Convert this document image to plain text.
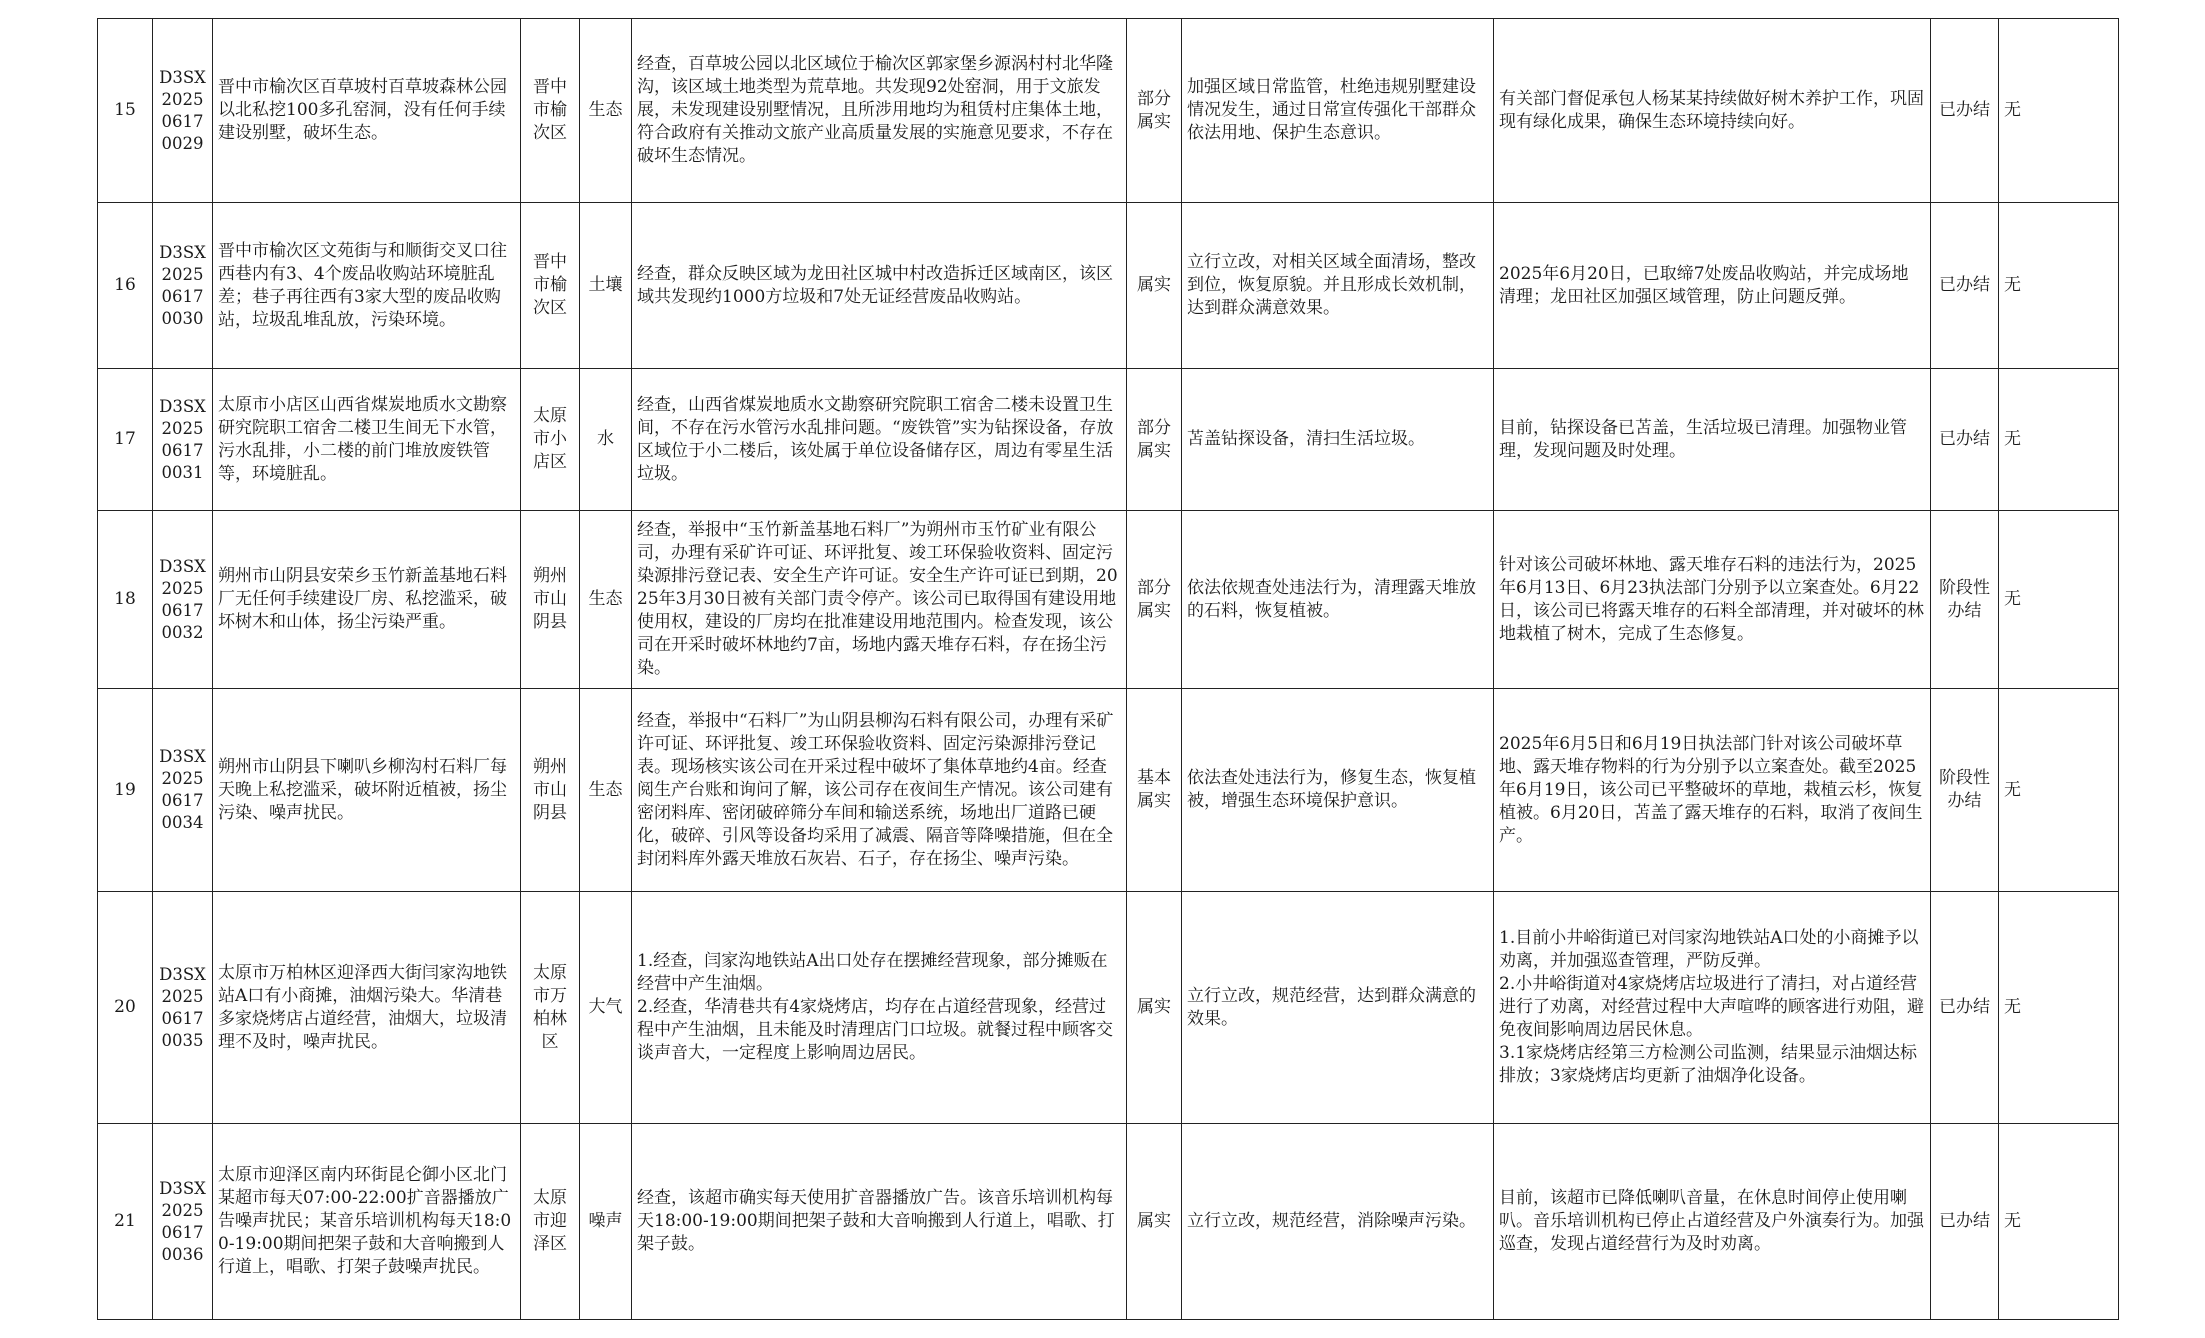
15	D3SX20250617 0029	晋中市榆次区百草坡村百草坡森林公园以北私挖100多孔窑洞，没有任何手续建设别墅，破坏生态。	晋中市榆次区	生态	经查，百草坡公园以北区域位于榆次区郭家堡乡源涡村村北华隆沟，该区域土地类型为荒草地。共发现92处窑洞，用于文旅发展，未发现建设别墅情况，且所涉用地均为租赁村庄集体土地，符合政府有关推动文旅产业高质量发展的实施意见要求，不存在破坏生态情况。	部分属实	加强区域日常监管，杜绝违规别墅建设情况发生，通过日常宣传强化干部群众依法用地、保护生态意识。	有关部门督促承包人杨某某持续做好树木养护工作，巩固现有绿化成果，确保生态环境持续向好。	已办结	无
16	D3SX20250617 0030	晋中市榆次区文苑街与和顺街交叉口往西巷内有3、4个废品收购站环境脏乱差；巷子再往西有3家大型的废品收购站，垃圾乱堆乱放，污染环境。	晋中市榆次区	土壤	经查，群众反映区域为龙田社区城中村改造拆迁区域南区，该区域共发现约1000方垃圾和7处无证经营废品收购站。	属实	立行立改，对相关区域全面清场，整改到位，恢复原貌。并且形成长效机制，达到群众满意效果。	2025年6月20日，已取缔7处废品收购站，并完成场地清理；龙田社区加强区域管理，防止问题反弹。	已办结	无
17	D3SX20250617 0031	太原市小店区山西省煤炭地质水文勘察研究院职工宿舍二楼卫生间无下水管，污水乱排，小二楼的前门堆放废铁管等，环境脏乱。	太原市小店区	水	经查，山西省煤炭地质水文勘察研究院职工宿舍二楼未设置卫生间，不存在污水管污水乱排问题。“废铁管”实为钻探设备，存放区域位于小二楼后，该处属于单位设备储存区，周边有零星生活垃圾。	部分属实	苫盖钻探设备，清扫生活垃圾。	目前，钻探设备已苫盖，生活垃圾已清理。加强物业管理，发现问题及时处理。	已办结	无
18	D3SX20250617 0032	朔州市山阴县安荣乡玉竹新盖基地石料厂无任何手续建设厂房、私挖滥采，破坏树木和山体，扬尘污染严重。	朔州市山阴县	生态	经查，举报中“玉竹新盖基地石料厂”为朔州市玉竹矿业有限公司，办理有采矿许可证、环评批复、竣工环保验收资料、固定污染源排污登记表、安全生产许可证。安全生产许可证已到期，2025年3月30日被有关部门责令停产。该公司已取得国有建设用地使用权，建设的厂房均在批准建设用地范围内。检查发现，该公司在开采时破坏林地约7亩，场地内露天堆存石料，存在扬尘污染。	部分属实	依法依规查处违法行为，清理露天堆放的石料，恢复植被。	针对该公司破坏林地、露天堆存石料的违法行为，2025年6月13日、6月23执法部门分别予以立案查处。6月22日，该公司已将露天堆存的石料全部清理，并对破坏的林地栽植了树木，完成了生态修复。	阶段性办结	无
19	D3SX20250617 0034	朔州市山阴县下喇叭乡柳沟村石料厂每天晚上私挖滥采，破坏附近植被，扬尘污染、噪声扰民。	朔州市山阴县	生态	经查，举报中“石料厂”为山阴县柳沟石料有限公司，办理有采矿许可证、环评批复、竣工环保验收资料、固定污染源排污登记表。现场核实该公司在开采过程中破坏了集体草地约4亩。经查阅生产台账和询问了解，该公司存在夜间生产情况。该公司建有密闭料库、密闭破碎筛分车间和输送系统，场地出厂道路已硬化，破碎、引风等设备均采用了减震、隔音等降噪措施，但在全封闭料库外露天堆放石灰岩、石子，存在扬尘、噪声污染。	基本属实	依法查处违法行为，修复生态，恢复植被，增强生态环境保护意识。	2025年6月5日和6月19日执法部门针对该公司破坏草地、露天堆存物料的行为分别予以立案查处。截至2025年6月19日，该公司已平整破坏的草地，栽植云杉，恢复植被。6月20日，苫盖了露天堆存的石料，取消了夜间生产。	阶段性办结	无
20	D3SX20250617 0035	太原市万柏林区迎泽西大街闫家沟地铁站A口有小商摊，油烟污染大。华清巷多家烧烤店占道经营，油烟大，垃圾清理不及时，噪声扰民。	太原市万柏林区	大气	1.经查，闫家沟地铁站A出口处存在摆摊经营现象，部分摊贩在经营中产生油烟。
2.经查，华清巷共有4家烧烤店，均存在占道经营现象，经营过程中产生油烟，且未能及时清理店门口垃圾。就餐过程中顾客交谈声音大，一定程度上影响周边居民。	属实	立行立改，规范经营，达到群众满意的效果。	1.目前小井峪街道已对闫家沟地铁站A口处的小商摊予以劝离，并加强巡查管理，严防反弹。
2.小井峪街道对4家烧烤店垃圾进行了清扫，对占道经营进行了劝离，对经营过程中大声喧哗的顾客进行劝阻，避免夜间影响周边居民休息。
3.1家烧烤店经第三方检测公司监测，结果显示油烟达标排放；3家烧烤店均更新了油烟净化设备。	已办结	无
21	D3SX20250617 0036	太原市迎泽区南内环街昆仑御小区北门某超市每天07:00-22:00扩音器播放广告噪声扰民；某音乐培训机构每天18:00-19:00期间把架子鼓和大音响搬到人行道上，唱歌、打架子鼓噪声扰民。	太原市迎泽区	噪声	经查，该超市确实每天使用扩音器播放广告。该音乐培训机构每天18:00-19:00期间把架子鼓和大音响搬到人行道上，唱歌、打架子鼓。	属实	立行立改，规范经营，消除噪声污染。	目前，该超市已降低喇叭音量，在休息时间停止使用喇叭。音乐培训机构已停止占道经营及户外演奏行为。加强巡查，发现占道经营行为及时劝离。	已办结	无
